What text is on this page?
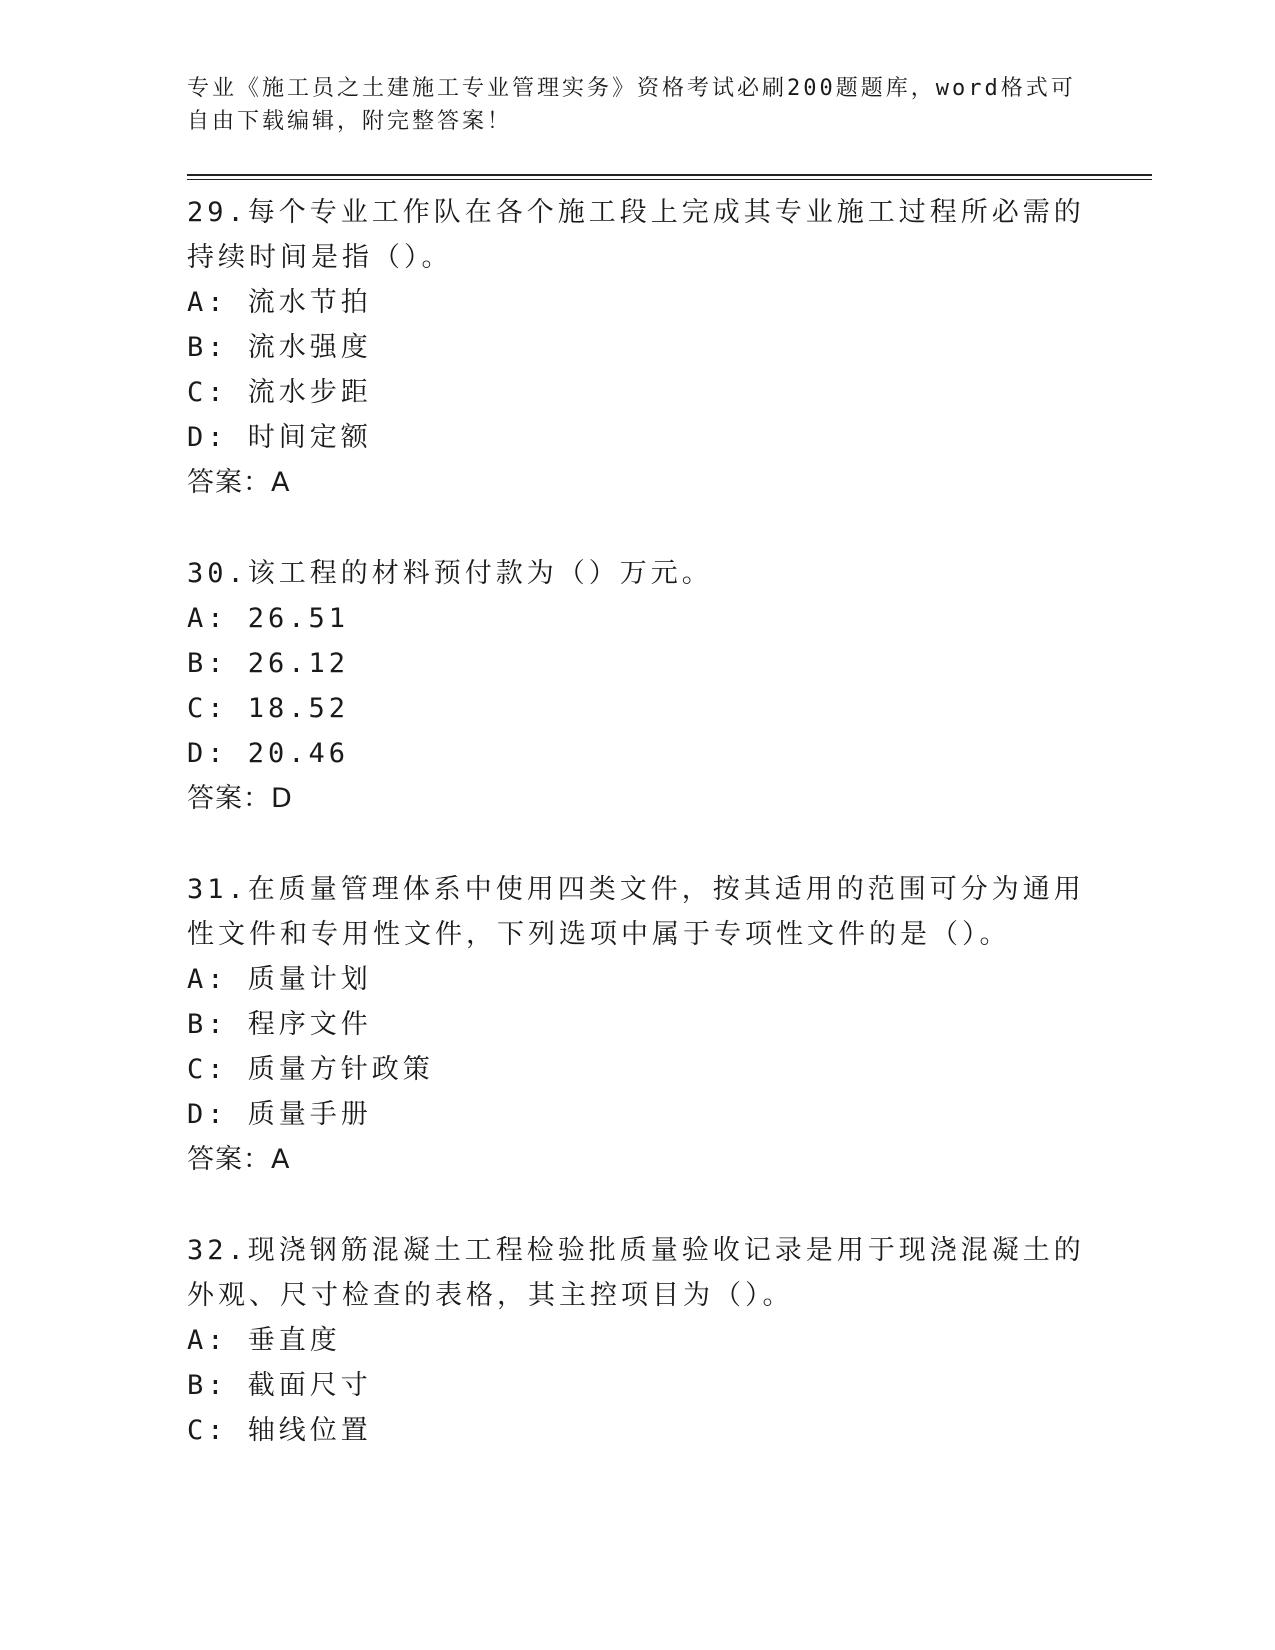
专业《施工员之土建施工专业管理实务》资格考试必刷200题题库，word格式可

自由下载编辑，附完整答案！

29.每个专业工作队在各个施工段上完成其专业施工过程所必需的持续时间是指（）。

A: 流水节拍

B: 流水强度

C: 流水步距

D: 时间定额

答案：A

30.该工程的材料预付款为（）万元。

A: 26.51

B: 26.12

C: 18.52

D: 20.46

答案：D

31.在质量管理体系中使用四类文件，按其适用的范围可分为通用性文件和专用性文件，下列选项中属于专项性文件的是（）。

A: 质量计划

B: 程序文件

C: 质量方针政策

D: 质量手册

答案：A

32.现浇钢筋混凝土工程检验批质量验收记录是用于现浇混凝土的外观、尺寸检查的表格，其主控项目为（）。

A: 垂直度

B: 截面尺寸

C: 轴线位置
